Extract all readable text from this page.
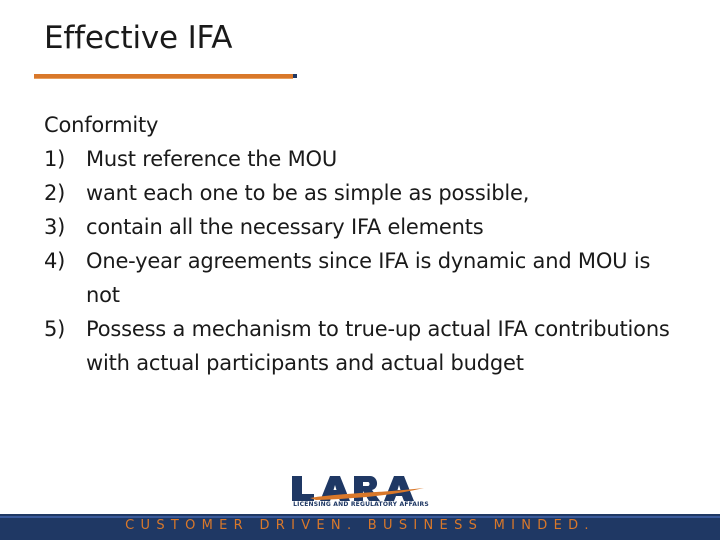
Effective IFA
Conformity
1) Must reference the MOU
2) want each one to be as simple as possible,
3) contain all the necessary IFA elements
4) One-year agreements since IFA is dynamic and MOU is not
5) Possess a mechanism to true-up actual IFA contributions with actual participants and actual budget
LICENSING AND REGULATORY AFFAIRS
CUSTOMER DRIVEN. BUSINESS MINDED.
